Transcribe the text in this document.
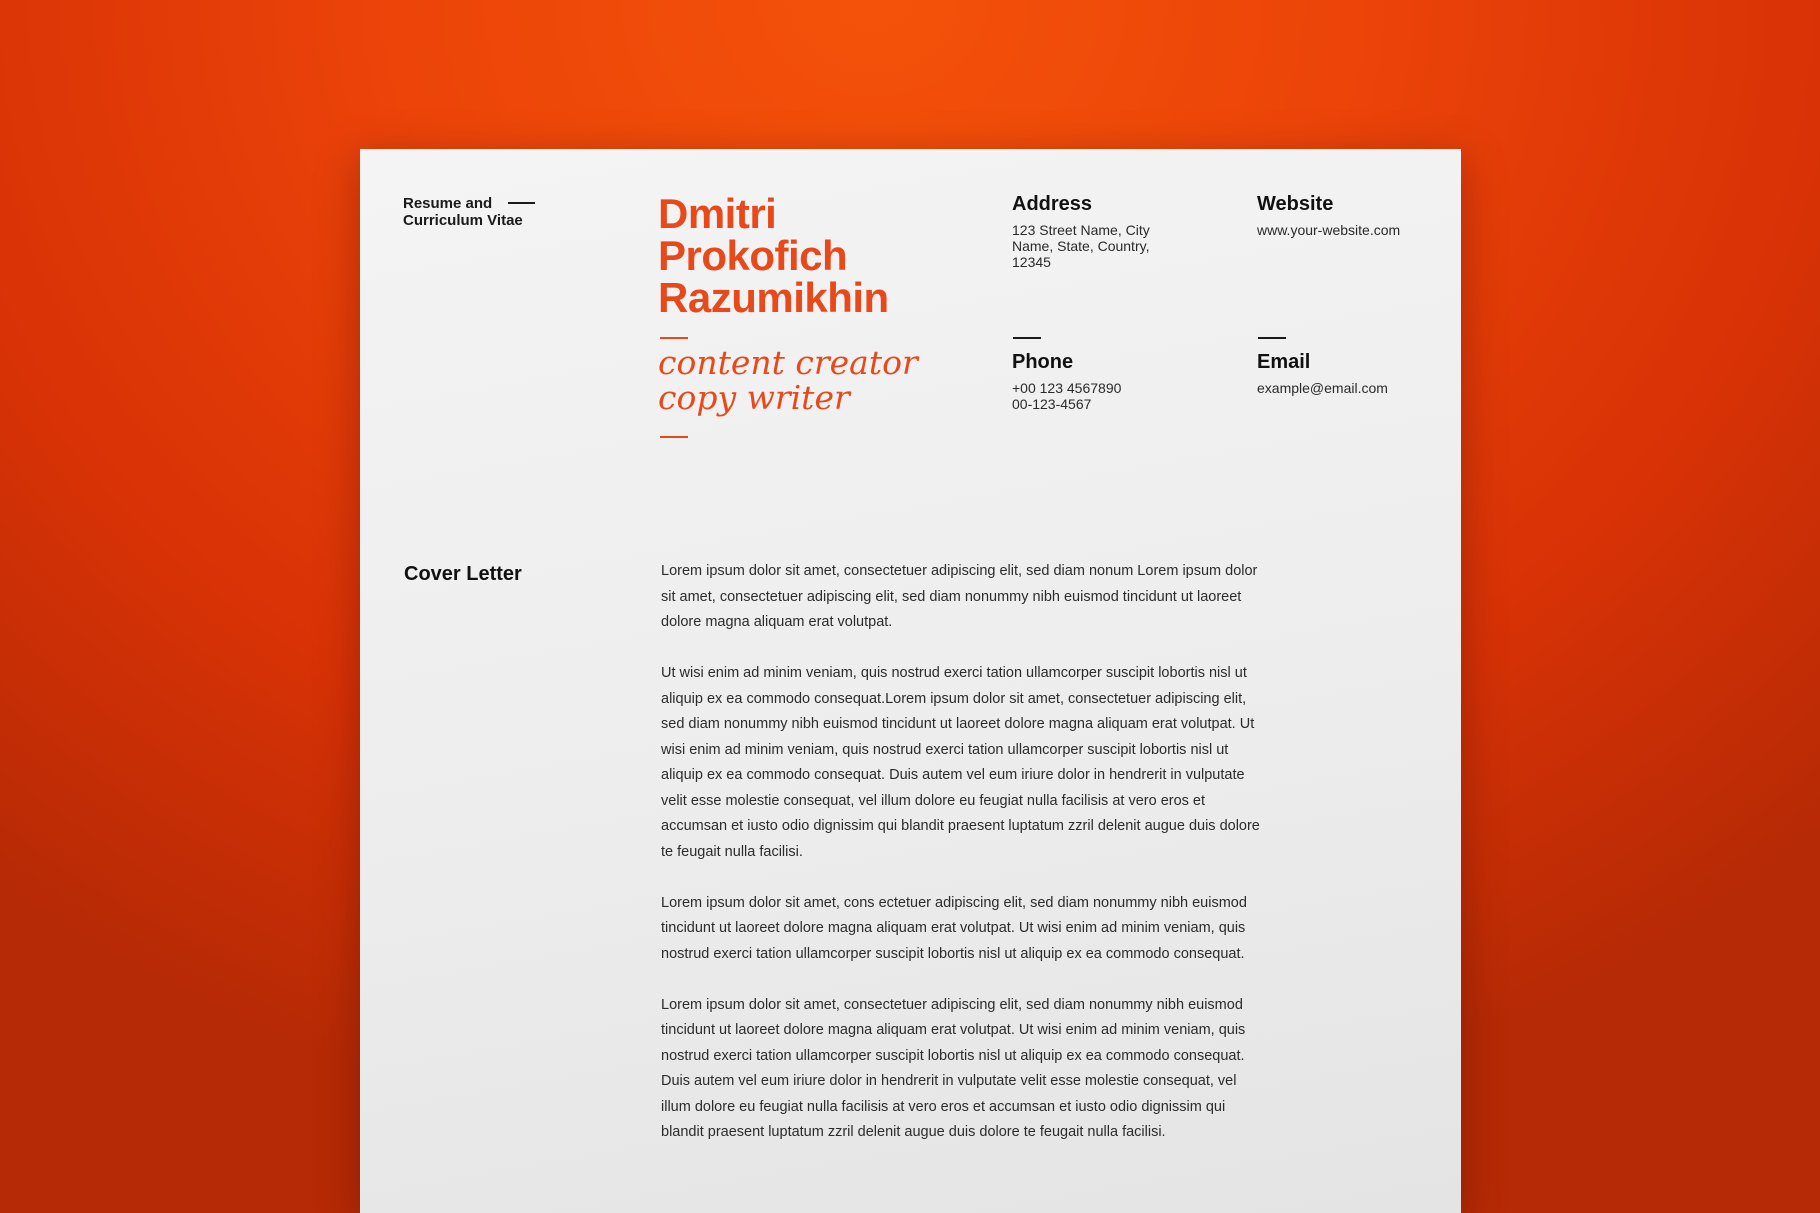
Resume and
Curriculum Vitae	Dmitri
Prokofich
Razumikhin
content creator
copy writer
Address
123 Street Name, City
Name, State, Country,
12345
Website
www.your-website.com
Phone
+00 123 4567890
00-123-4567
Email
example@email.com
Cover Letter	Lorem ipsum dolor sit amet, consectetuer adipiscing elit, sed diam nonum Lorem ipsum dolor sit amet, consectetuer adipiscing elit, sed diam nonummy nibh euismod tincidunt ut laoreet dolore magna aliquam erat volutpat.

Ut wisi enim ad minim veniam, quis nostrud exerci tation ullamcorper suscipit lobortis nisl ut aliquip ex ea commodo consequat.Lorem ipsum dolor sit amet, consectetuer adipiscing elit, sed diam nonummy nibh euismod tincidunt ut laoreet dolore magna aliquam erat volutpat. Ut wisi enim ad minim veniam, quis nostrud exerci tation ullamcorper suscipit lobortis nisl ut aliquip ex ea commodo consequat. Duis autem vel eum iriure dolor in hendrerit in vulputate velit esse molestie consequat, vel illum dolore eu feugiat nulla facilisis at vero eros et accumsan et iusto odio dignissim qui blandit praesent luptatum zzril delenit augue duis dolore te feugait nulla facilisi.

Lorem ipsum dolor sit amet, cons ectetuer adipiscing elit, sed diam nonummy nibh euismod tincidunt ut laoreet dolore magna aliquam erat volutpat. Ut wisi enim ad minim veniam, quis nostrud exerci tation ullamcorper suscipit lobortis nisl ut aliquip ex ea commodo consequat.

Lorem ipsum dolor sit amet, consectetuer adipiscing elit, sed diam nonummy nibh euismod tincidunt ut laoreet dolore magna aliquam erat volutpat. Ut wisi enim ad minim veniam, quis nostrud exerci tation ullamcorper suscipit lobortis nisl ut aliquip ex ea commodo consequat. Duis autem vel eum iriure dolor in hendrerit in vulputate velit esse molestie consequat, vel illum dolore eu feugiat nulla facilisis at vero eros et accumsan et iusto odio dignissim qui blandit praesent luptatum zzril delenit augue duis dolore te feugait nulla facilisi.
